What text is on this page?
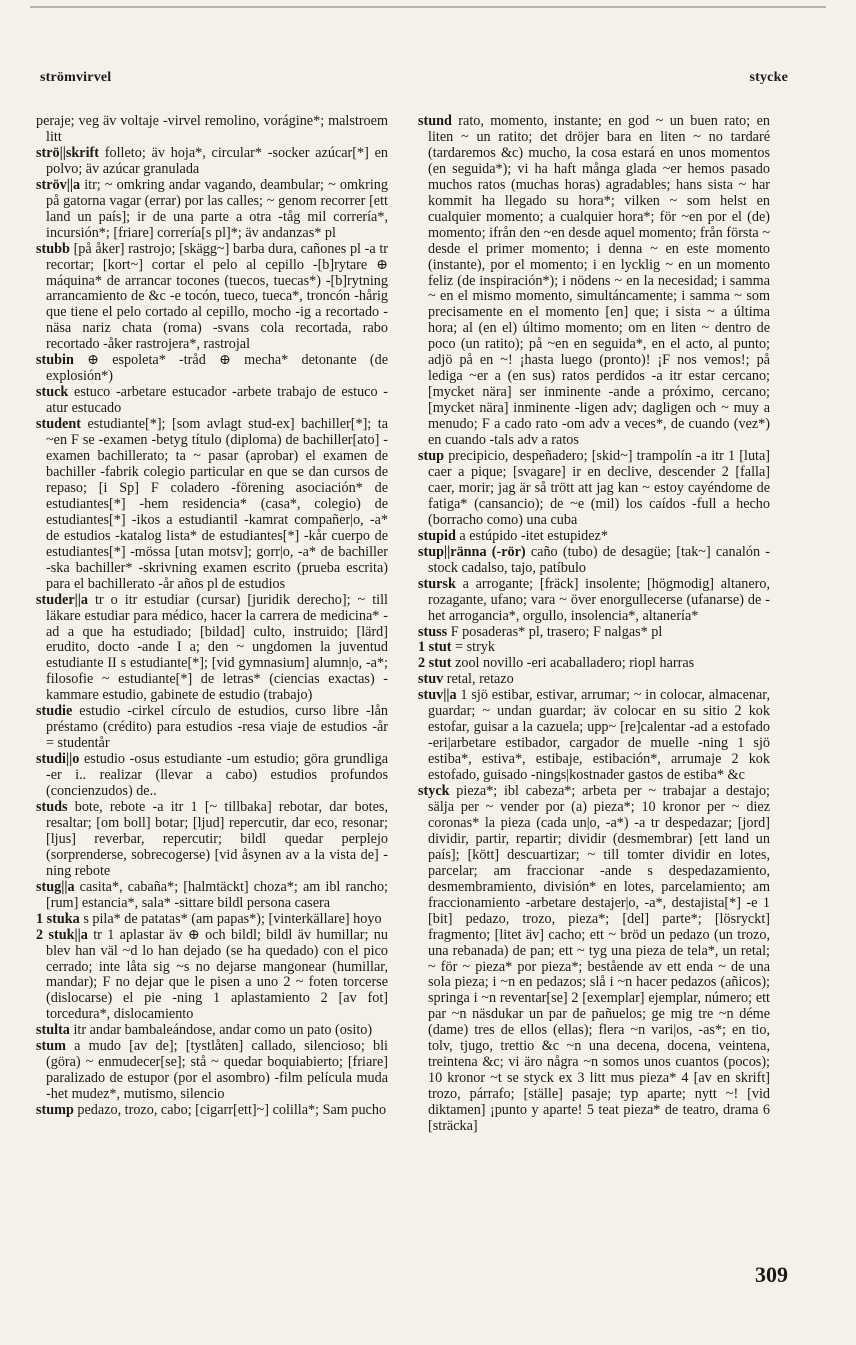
strömvirvel	stycke

peraje; veg äv voltaje -virvel remolino, vorágine*; malstroem litt

strö||skrift folleto; äv hoja*, circular* -socker azúcar[*] en polvo; äv azúcar granulada

ströv||a itr; ~ omkring andar vagando, deambular; ~ omkring på gatorna vagar (errar) por las calles; ~ genom recorrer [ett land un país]; ir de una parte a otra -tåg mil correría*, incursión*; [friare] correría[s pl]*; äv andanzas* pl

stubb [på åker] rastrojo; [skägg~] barba dura, cañones pl -a tr recortar; [kort~] cortar el pelo al cepillo -[b]rytare ⊕ máquina* de arrancar tocones (tuecos, tuecas*) -[b]rytning arrancamiento de &c -e tocón, tueco, tueca*, troncón -hårig que tiene el pelo cortado al cepillo, mocho -ig a recortado -näsa nariz chata (roma) -svans cola recortada, rabo recortado -åker rastrojera*, rastrojal

stubin ⊕ espoleta* -tråd ⊕ mecha* detonante (de explosión*)

stuck estuco -arbetare estucador -arbete trabajo de estuco -atur estucado

student estudiante[*]; [som avlagt stud-ex] bachiller[*]; ta ~en F se -examen -betyg título (diploma) de bachiller[ato] -examen bachillerato; ta ~ pasar (aprobar) el examen de bachiller -fabrik colegio particular en que se dan cursos de repaso; [i Sp] F coladero -förening asociación* de estudiantes[*] -hem residencia* (casa*, colegio) de estudiantes[*] -ikos a estudiantil -kamrat compañer|o, -a* de estudios -katalog lista* de estudiantes[*] -kår cuerpo de estudiantes[*] -mössa [utan motsv]; gorr|o, -a* de bachiller -ska bachiller* -skrivning examen escrito (prueba escrita) para el bachillerato -år años pl de estudios

studer||a tr o itr estudiar (cursar) [juridik derecho]; ~ till läkare estudiar para médico, hacer la carrera de medicina* -ad a que ha estudiado; [bildad] culto, instruido; [lärd] erudito, docto -ande I a; den ~ ungdomen la juventud estudiante II s estudiante[*]; [vid gymnasium] alumn|o, -a*; filosofie ~ estudiante[*] de letras* (ciencias exactas) -kammare estudio, gabinete de estudio (trabajo)

studie estudio -cirkel círculo de estudios, curso libre -lån préstamo (crédito) para estudios -resa viaje de estudios -år = studentår

studi||o estudio -osus estudiante -um estudio; göra grundliga -er i.. realizar (llevar a cabo) estudios profundos (concienzudos) de..

studs bote, rebote -a itr 1 [~ tillbaka] rebotar, dar botes, resaltar; [om boll] botar; [ljud] repercutir, dar eco, resonar; [ljus] reverbar, repercutir; bildl quedar perplejo (sorprenderse, sobrecogerse) [vid åsynen av a la vista de] -ning rebote

stug||a casita*, cabaña*; [halmtäckt] choza*; am ibl rancho; [rum] estancia*, sala* -sittare bildl persona casera

1 stuka s pila* de patatas* (am papas*); [vinterkällare] hoyo

2 stuk||a tr 1 aplastar äv ⊕ och bildl; bildl äv humillar; nu blev han väl ~d lo han dejado (se ha quedado) con el pico cerrado; inte låta sig ~s no dejarse mangonear (humillar, mandar); F no dejar que le pisen a uno 2 ~ foten torcerse (dislocarse) el pie -ning 1 aplastamiento 2 [av fot] torcedura*, dislocamiento

stulta itr andar bambaleándose, andar como un pato (osito)

stum a mudo [av de]; [tystlåten] callado, silencioso; bli (göra) ~ enmudecer[se]; stå ~ quedar boquiabierto; [friare] paralizado de estupor (por el asombro) -film película muda -het mudez*, mutismo, silencio

stump pedazo, trozo, cabo; [cigarr[ett]~] colilla*; Sam pucho

stund rato, momento, instante; en god ~ un buen rato; en liten ~ un ratito; det dröjer bara en liten ~ no tardaré (tardaremos &c) mucho, la cosa estará en unos momentos (en seguida*); vi ha haft många glada ~er hemos pasado muchos ratos (muchas horas) agradables; hans sista ~ har kommit ha llegado su hora*; vilken ~ som helst en cualquier momento; a cualquier hora*; för ~en por el (de) momento; ifrån den ~en desde aquel momento; från första ~ desde el primer momento; i denna ~ en este momento (instante), por el momento; i en lycklig ~ en un momento feliz (de inspiración*); i nödens ~ en la necesidad; i samma ~ en el mismo momento, simultáncamente; i samma ~ som precisamente en el momento [en] que; i sista ~ a última hora; al (en el) último momento; om en liten ~ dentro de poco (un ratito); på ~en en seguida*, en el acto, al punto; adjö på en ~! ¡hasta luego (pronto)! ¡F nos vemos!; på lediga ~er a (en sus) ratos perdidos -a itr estar cercano; [mycket nära] ser inminente -ande a próximo, cercano; [mycket nära] inminente -ligen adv; dagligen och ~ muy a menudo; F a cado rato -om adv a veces*, de cuando (vez*) en cuando -tals adv a ratos

stup precipicio, despeñadero; [skid~] trampolín -a itr 1 [luta] caer a pique; [svagare] ir en declive, descender 2 [falla] caer, morir; jag är så trött att jag kan ~ estoy cayéndome de fatiga* (cansancio); de ~e (mil) los caídos -full a hecho (borracho como) una cuba

stupid a estúpido -itet estupidez*

stup||ränna (-rör) caño (tubo) de desagüe; [tak~] canalón -stock cadalso, tajo, patíbulo

stursk a arrogante; [fräck] insolente; [högmodig] altanero, rozagante, ufano; vara ~ över enorgullecerse (ufanarse) de -het arrogancia*, orgullo, insolencia*, altanería*

stuss F posaderas* pl, trasero; F nalgas* pl

1 stut = stryk

2 stut zool novillo -eri acaballadero; riopl harras

stuv retal, retazo

stuv||a 1 sjö estibar, estivar, arrumar; ~ in colocar, almacenar, guardar; ~ undan guardar; äv colocar en su sitio 2 kok estofar, guisar a la cazuela; upp~ [re]calentar -ad a estofado -eri|arbetare estibador, cargador de muelle -ning 1 sjö estiba*, estiva*, estibaje, estibación*, arrumaje 2 kok estofado, guisado -nings|kostnader gastos de estiba* &c

styck pieza*; ibl cabeza*; arbeta per ~ trabajar a destajo; sälja per ~ vender por (a) pieza*; 10 kronor per ~ diez coronas* la pieza (cada un|o, -a*) -a tr despedazar; [jord] dividir, partir, repartir; dividir (desmembrar) [ett land un país]; [kött] descuartizar; ~ till tomter dividir en lotes, parcelar; am fraccionar -ande s despedazamiento, desmembramiento, división* en lotes, parcelamiento; am fraccionamiento -arbetare destajer|o, -a*, destajista[*] -e 1 [bit] pedazo, trozo, pieza*; [del] parte*; [lösryckt] fragmento; [litet äv] cacho; ett ~ bröd un pedazo (un trozo, una rebanada) de pan; ett ~ tyg una pieza de tela*, un retal; ~ för ~ pieza* por pieza*; bestående av ett enda ~ de una sola pieza; i ~n en pedazos; slå i ~n hacer pedazos (añicos); springa i ~n reventar[se] 2 [exemplar] ejemplar, número; ett par ~n näsdukar un par de pañuelos; ge mig tre ~n déme (dame) tres de ellos (ellas); flera ~n vari|os, -as*; en tio, tolv, tjugo, trettio &c ~n una decena, docena, veintena, treintena &c; vi äro några ~n somos unos cuantos (pocos); 10 kronor ~t se styck ex 3 litt mus pieza* 4 [av en skrift] trozo, párrafo; [ställe] pasaje; typ aparte; nytt ~! [vid diktamen] ¡punto y aparte! 5 teat pieza* de teatro, drama 6 [sträcka]

309
